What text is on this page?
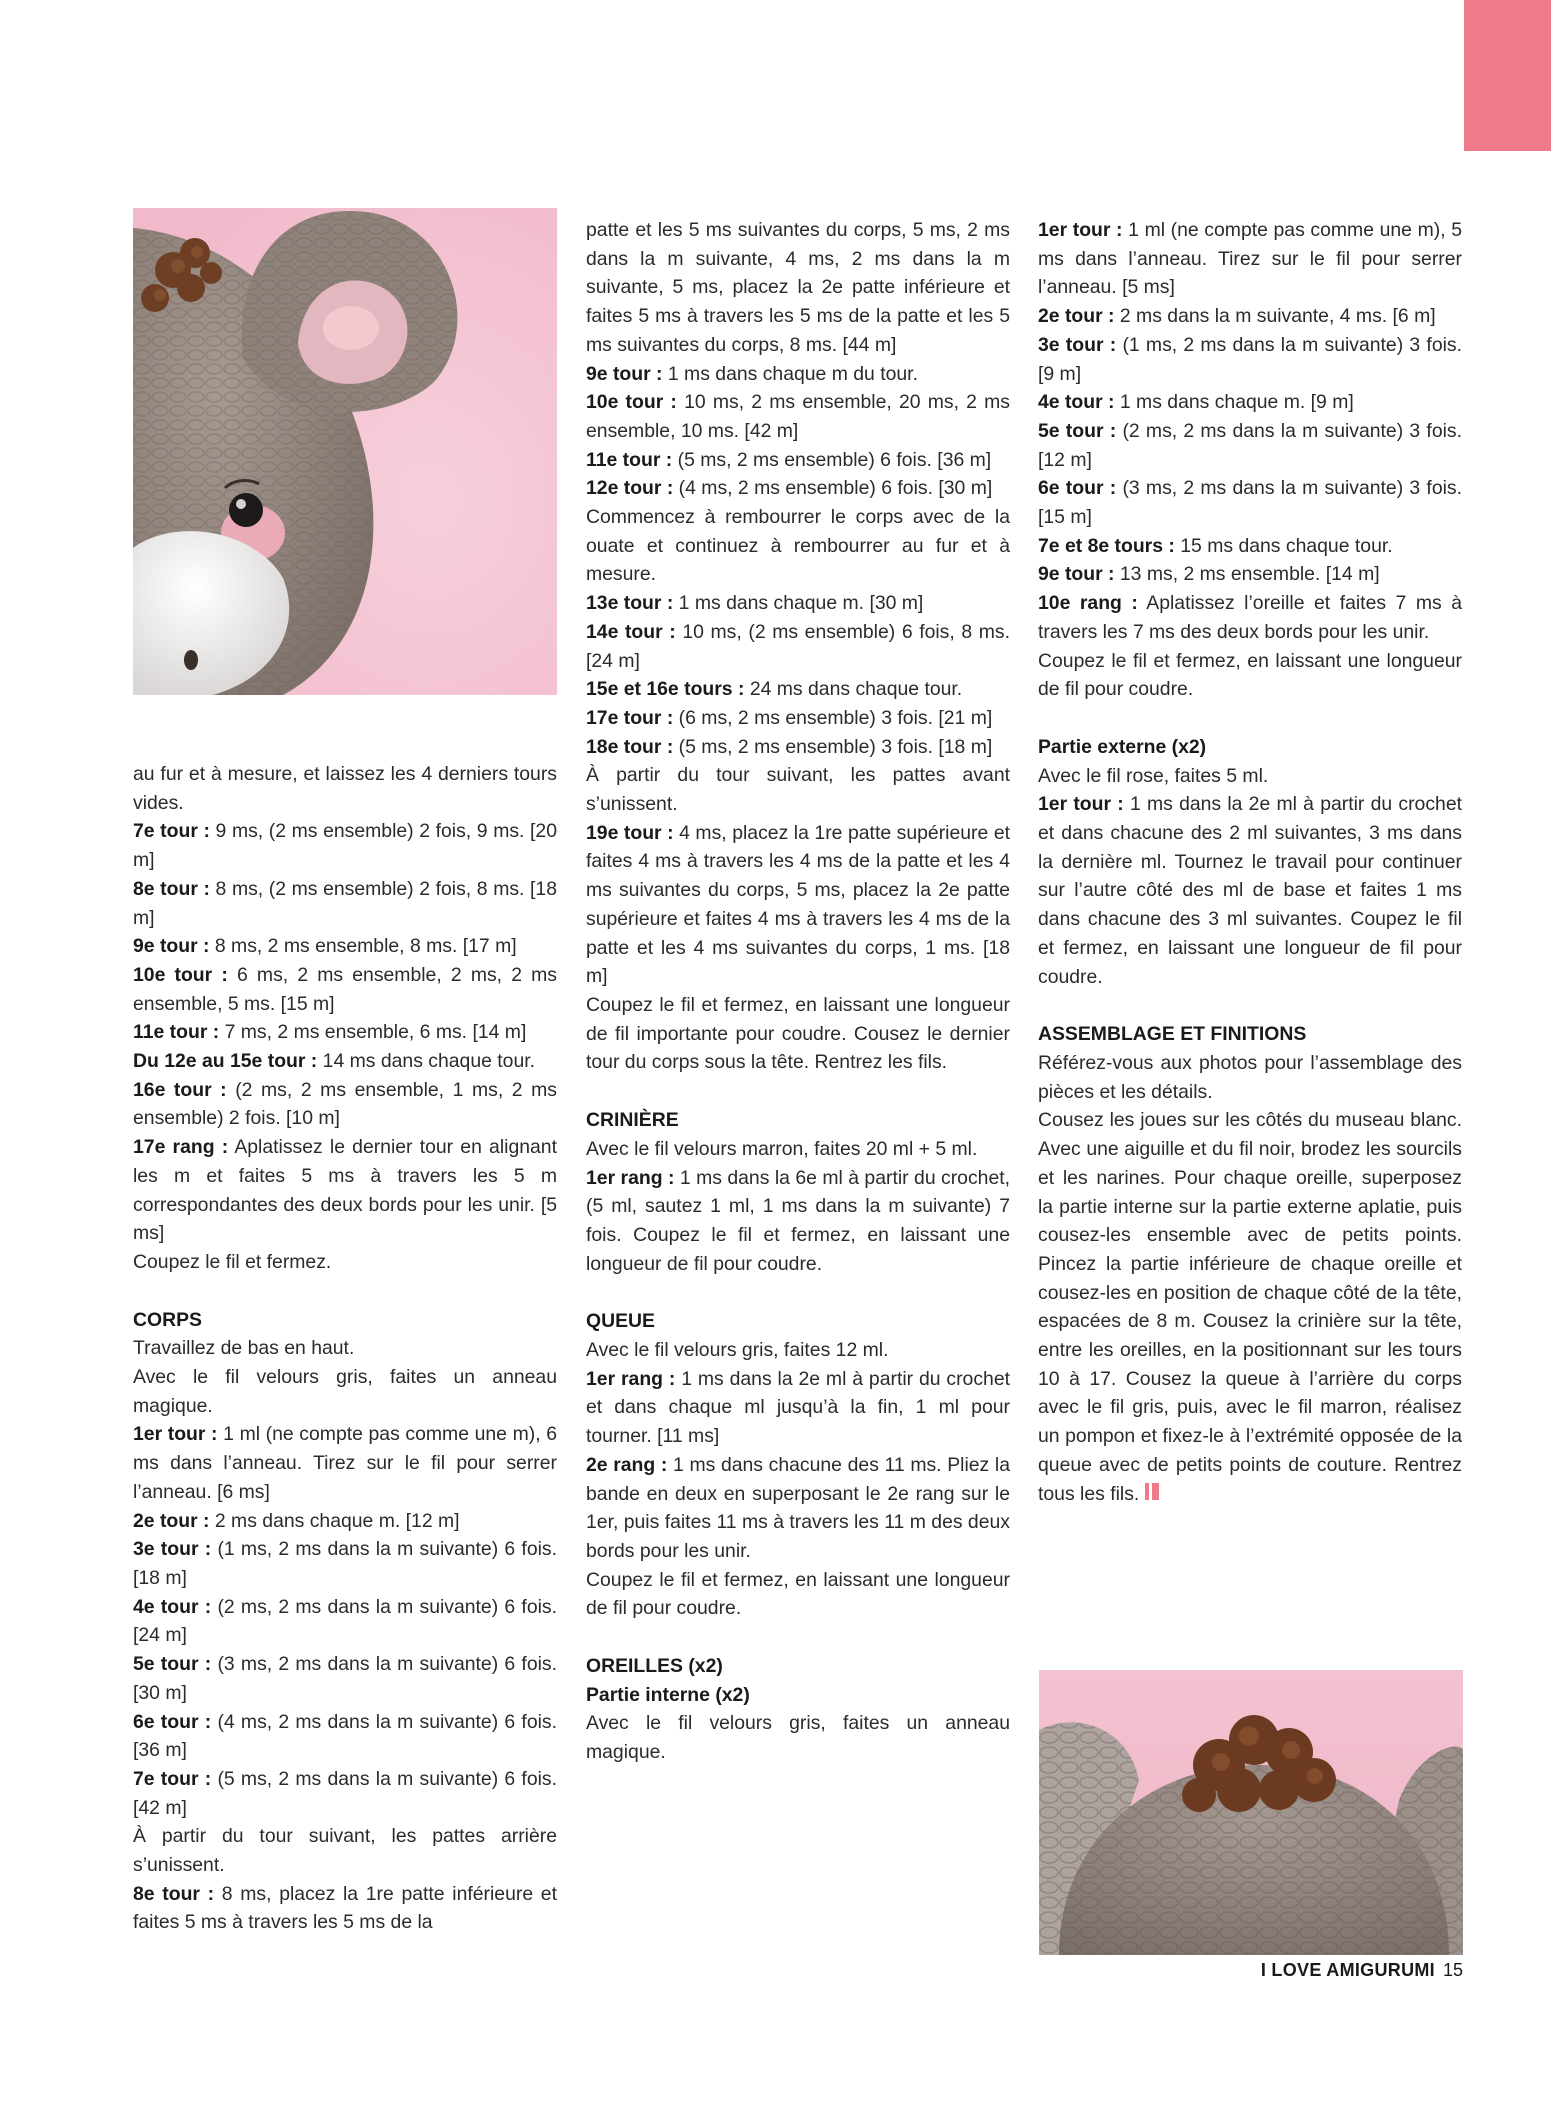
au fur et à mesure, et laissez les 4 derniers tours vides.

7e tour : 9 ms, (2 ms ensemble) 2 fois, 9 ms. [20 m]

8e tour : 8 ms, (2 ms ensemble) 2 fois, 8 ms. [18 m]

9e tour : 8 ms, 2 ms ensemble, 8 ms. [17 m]

10e tour : 6 ms, 2 ms ensemble, 2 ms, 2 ms ensemble, 5 ms. [15 m]

11e tour : 7 ms, 2 ms ensemble, 6 ms. [14 m]

Du 12e au 15e tour : 14 ms dans chaque tour.

16e tour : (2 ms, 2 ms ensemble, 1 ms, 2 ms ensemble) 2 fois. [10 m]

17e rang : Aplatissez le dernier tour en alignant les m et faites 5 ms à travers les 5 m correspondantes des deux bords pour les unir. [5 ms]

Coupez le fil et fermez.

CORPS

Travaillez de bas en haut.

Avec le fil velours gris, faites un anneau magique.

1er tour : 1 ml (ne compte pas comme une m), 6 ms dans l’anneau. Tirez sur le fil pour serrer l’anneau. [6 ms]

2e tour : 2 ms dans chaque m. [12 m]

3e tour : (1 ms, 2 ms dans la m suivante) 6 fois. [18 m]

4e tour : (2 ms, 2 ms dans la m suivante) 6 fois. [24 m]

5e tour : (3 ms, 2 ms dans la m suivante) 6 fois. [30 m]

6e tour : (4 ms, 2 ms dans la m suivante) 6 fois. [36 m]

7e tour : (5 ms, 2 ms dans la m suivante) 6 fois. [42 m]

À partir du tour suivant, les pattes arrière s’unissent.

8e tour : 8 ms, placez la 1re patte inférieure et faites 5 ms à travers les 5 ms de la

patte et les 5 ms suivantes du corps, 5 ms, 2 ms dans la m suivante, 4 ms, 2 ms dans la m suivante, 5 ms, placez la 2e patte inférieure et faites 5 ms à travers les 5 ms de la patte et les 5 ms suivantes du corps, 8 ms. [44 m]

9e tour : 1 ms dans chaque m du tour.

10e tour : 10 ms, 2 ms ensemble, 20 ms, 2 ms ensemble, 10 ms. [42 m]

11e tour : (5 ms, 2 ms ensemble) 6 fois. [36 m]

12e tour : (4 ms, 2 ms ensemble) 6 fois. [30 m]

Commencez à rembourrer le corps avec de la ouate et continuez à rembourrer au fur et à mesure.

13e tour : 1 ms dans chaque m. [30 m]

14e tour : 10 ms, (2 ms ensemble) 6 fois, 8 ms. [24 m]

15e et 16e tours : 24 ms dans chaque tour.

17e tour : (6 ms, 2 ms ensemble) 3 fois. [21 m]

18e tour : (5 ms, 2 ms ensemble) 3 fois. [18 m]

À partir du tour suivant, les pattes avant s’unissent.

19e tour : 4 ms, placez la 1re patte supérieure et faites 4 ms à travers les 4 ms de la patte et les 4 ms suivantes du corps, 5 ms, placez la 2e patte supérieure et faites 4 ms à travers les 4 ms de la patte et les 4 ms suivantes du corps, 1 ms. [18 m]

Coupez le fil et fermez, en laissant une longueur de fil importante pour coudre. Cousez le dernier tour du corps sous la tête. Rentrez les fils.

CRINIÈRE

Avec le fil velours marron, faites 20 ml + 5 ml.

1er rang : 1 ms dans la 6e ml à partir du crochet, (5 ml, sautez 1 ml, 1 ms dans la m suivante) 7 fois. Coupez le fil et fermez, en laissant une longueur de fil pour coudre.

QUEUE

Avec le fil velours gris, faites 12 ml.

1er rang : 1 ms dans la 2e ml à partir du crochet et dans chaque ml jusqu’à la fin, 1 ml pour tourner. [11 ms]

2e rang : 1 ms dans chacune des 11 ms. Pliez la bande en deux en superposant le 2e rang sur le 1er, puis faites 11 ms à travers les 11 m des deux bords pour les unir.

Coupez le fil et fermez, en laissant une longueur de fil pour coudre.

OREILLES (x2)

Partie interne (x2)

Avec le fil velours gris, faites un anneau magique.

1er tour : 1 ml (ne compte pas comme une m), 5 ms dans l’anneau. Tirez sur le fil pour serrer l’anneau. [5 ms]

2e tour : 2 ms dans la m suivante, 4 ms. [6 m]

3e tour : (1 ms, 2 ms dans la m suivante) 3 fois. [9 m]

4e tour : 1 ms dans chaque m. [9 m]

5e tour : (2 ms, 2 ms dans la m suivante) 3 fois. [12 m]

6e tour : (3 ms, 2 ms dans la m suivante) 3 fois. [15 m]

7e et 8e tours : 15 ms dans chaque tour.

9e tour : 13 ms, 2 ms ensemble. [14 m]

10e rang : Aplatissez l’oreille et faites 7 ms à travers les 7 ms des deux bords pour les unir.

Coupez le fil et fermez, en laissant une longueur de fil pour coudre.

Partie externe (x2)

Avec le fil rose, faites 5 ml.

1er tour : 1 ms dans la 2e ml à partir du crochet et dans chacune des 2 ml suivantes, 3 ms dans la dernière ml. Tournez le travail pour continuer sur l’autre côté des ml de base et faites 1 ms dans chacune des 3 ml suivantes. Coupez le fil et fermez, en laissant une longueur de fil pour coudre.

ASSEMBLAGE ET FINITIONS

Référez-vous aux photos pour l’assemblage des pièces et les détails.

Cousez les joues sur les côtés du museau blanc. Avec une aiguille et du fil noir, brodez les sourcils et les narines. Pour chaque oreille, superposez la partie interne sur la partie externe aplatie, puis cousez-les ensemble avec de petits points. Pincez la partie inférieure de chaque oreille et cousez-les en position de chaque côté de la tête, espacées de 8 m. Cousez la crinière sur la tête, entre les oreilles, en la positionnant sur les tours 10 à 17. Cousez la queue à l’arrière du corps avec le fil gris, puis, avec le fil marron, réalisez un pompon et fixez-le à l’extrémité opposée de la queue avec de petits points de couture. Rentrez tous les fils.

I LOVE AMIGURUMI 15
